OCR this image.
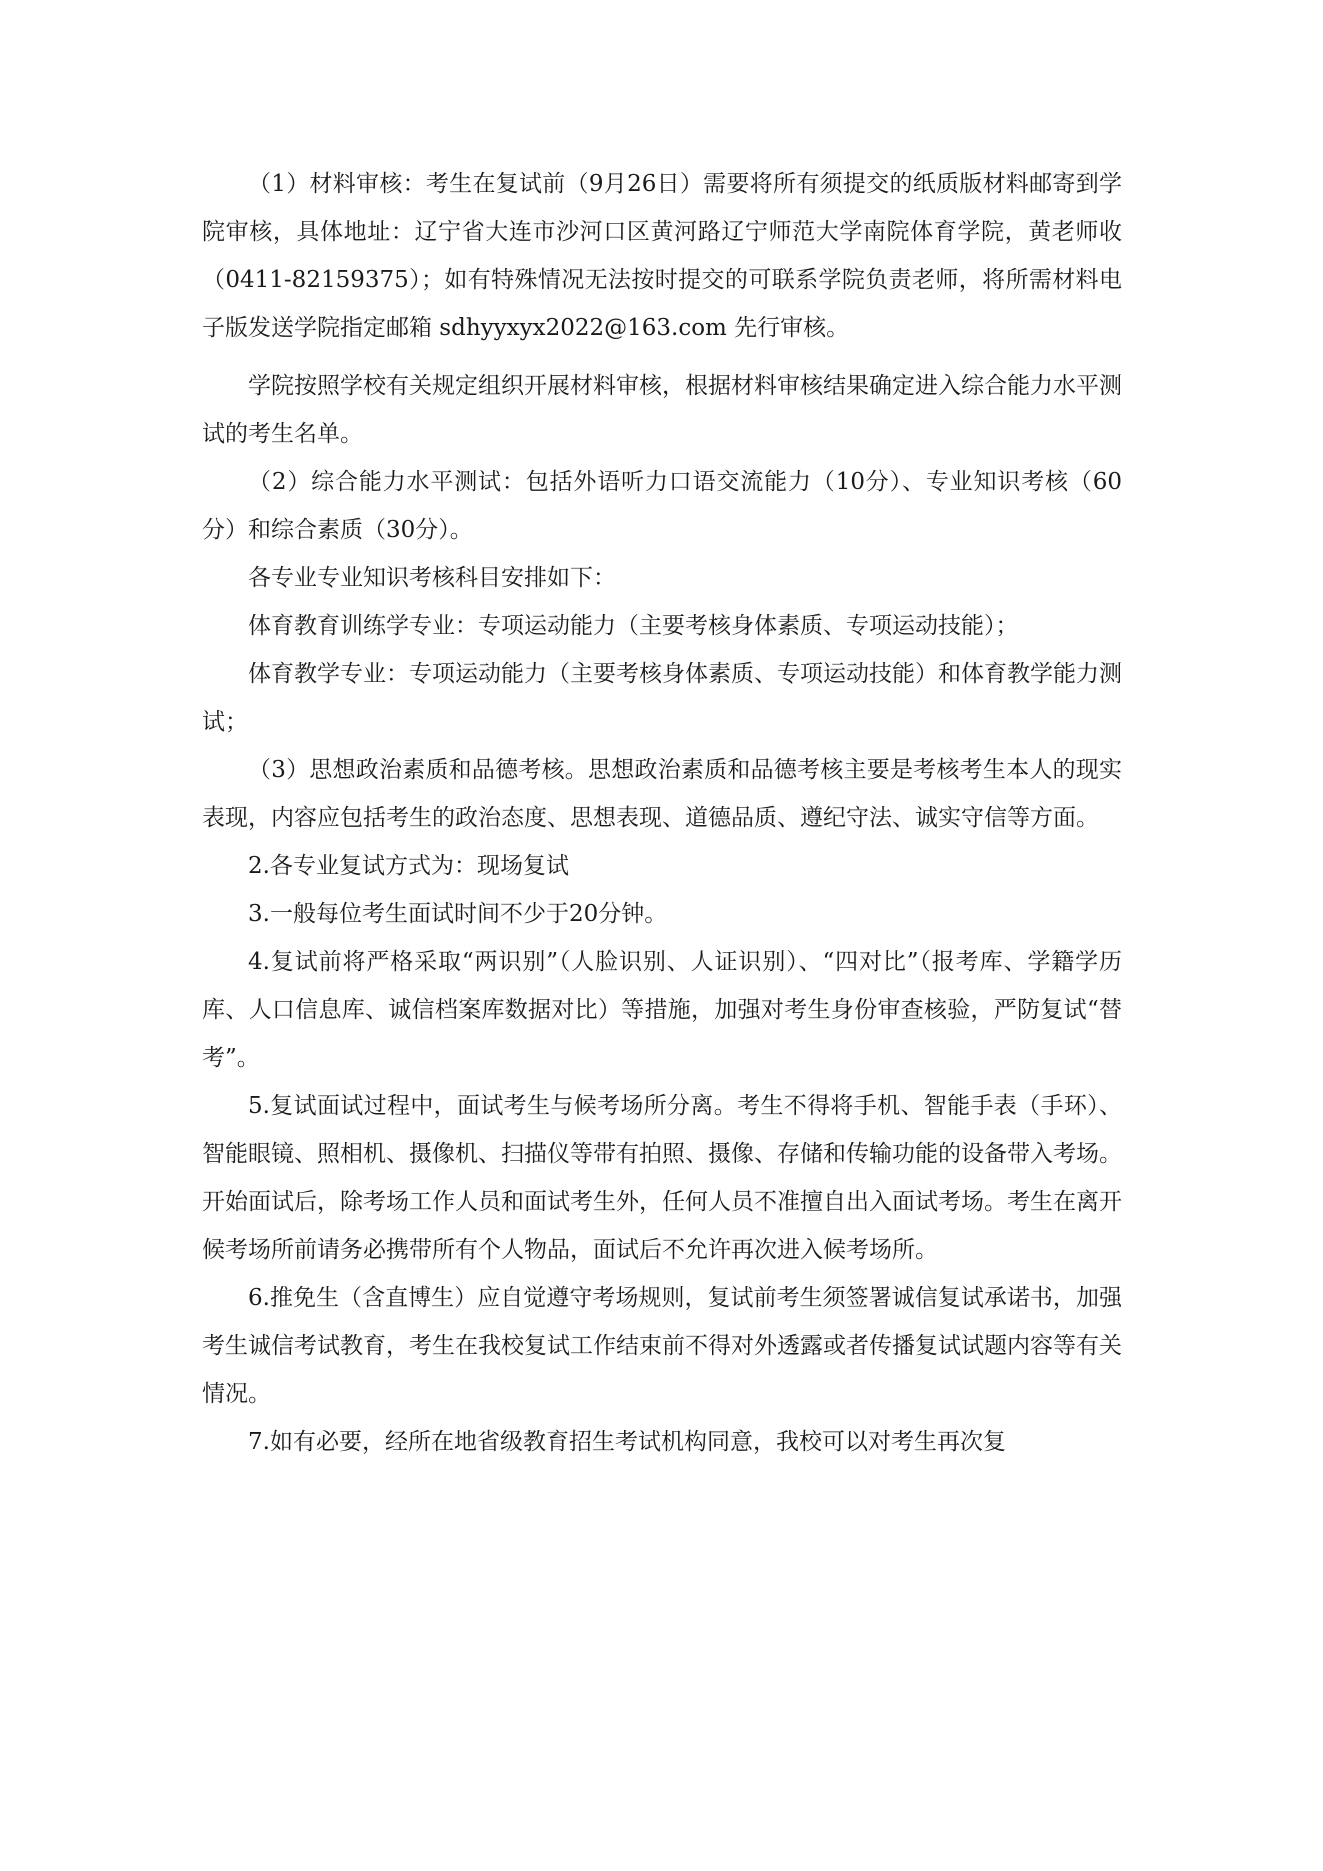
（1）材料审核：考生在复试前（9月26日）需要将所有须提交的纸质版材料邮寄到学院审核，具体地址：辽宁省大连市沙河口区黄河路辽宁师范大学南院体育学院，黄老师收（0411-82159375）；如有特殊情况无法按时提交的可联系学院负责老师，将所需材料电子版发送学院指定邮箱 sdhyyxyx2022@163.com 先行审核。

学院按照学校有关规定组织开展材料审核，根据材料审核结果确定进入综合能力水平测试的考生名单。

（2）综合能力水平测试：包括外语听力口语交流能力（10分）、专业知识考核（60分）和综合素质（30分）。

各专业专业知识考核科目安排如下：

体育教育训练学专业：专项运动能力（主要考核身体素质、专项运动技能）；

体育教学专业：专项运动能力（主要考核身体素质、专项运动技能）和体育教学能力测试；

（3）思想政治素质和品德考核。思想政治素质和品德考核主要是考核考生本人的现实表现，内容应包括考生的政治态度、思想表现、道德品质、遵纪守法、诚实守信等方面。

2.各专业复试方式为：现场复试

3.一般每位考生面试时间不少于20分钟。

4.复试前将严格采取“两识别”（人脸识别、人证识别）、“四对比”（报考库、学籍学历库、人口信息库、诚信档案库数据对比）等措施，加强对考生身份审查核验，严防复试“替考”。

5.复试面试过程中，面试考生与候考场所分离。考生不得将手机、智能手表（手环）、智能眼镜、照相机、摄像机、扫描仪等带有拍照、摄像、存储和传输功能的设备带入考场。开始面试后，除考场工作人员和面试考生外，任何人员不准擅自出入面试考场。考生在离开候考场所前请务必携带所有个人物品，面试后不允许再次进入候考场所。

6.推免生（含直博生）应自觉遵守考场规则，复试前考生须签署诚信复试承诺书，加强考生诚信考试教育，考生在我校复试工作结束前不得对外透露或者传播复试试题内容等有关情况。

7.如有必要，经所在地省级教育招生考试机构同意，我校可以对考生再次复
